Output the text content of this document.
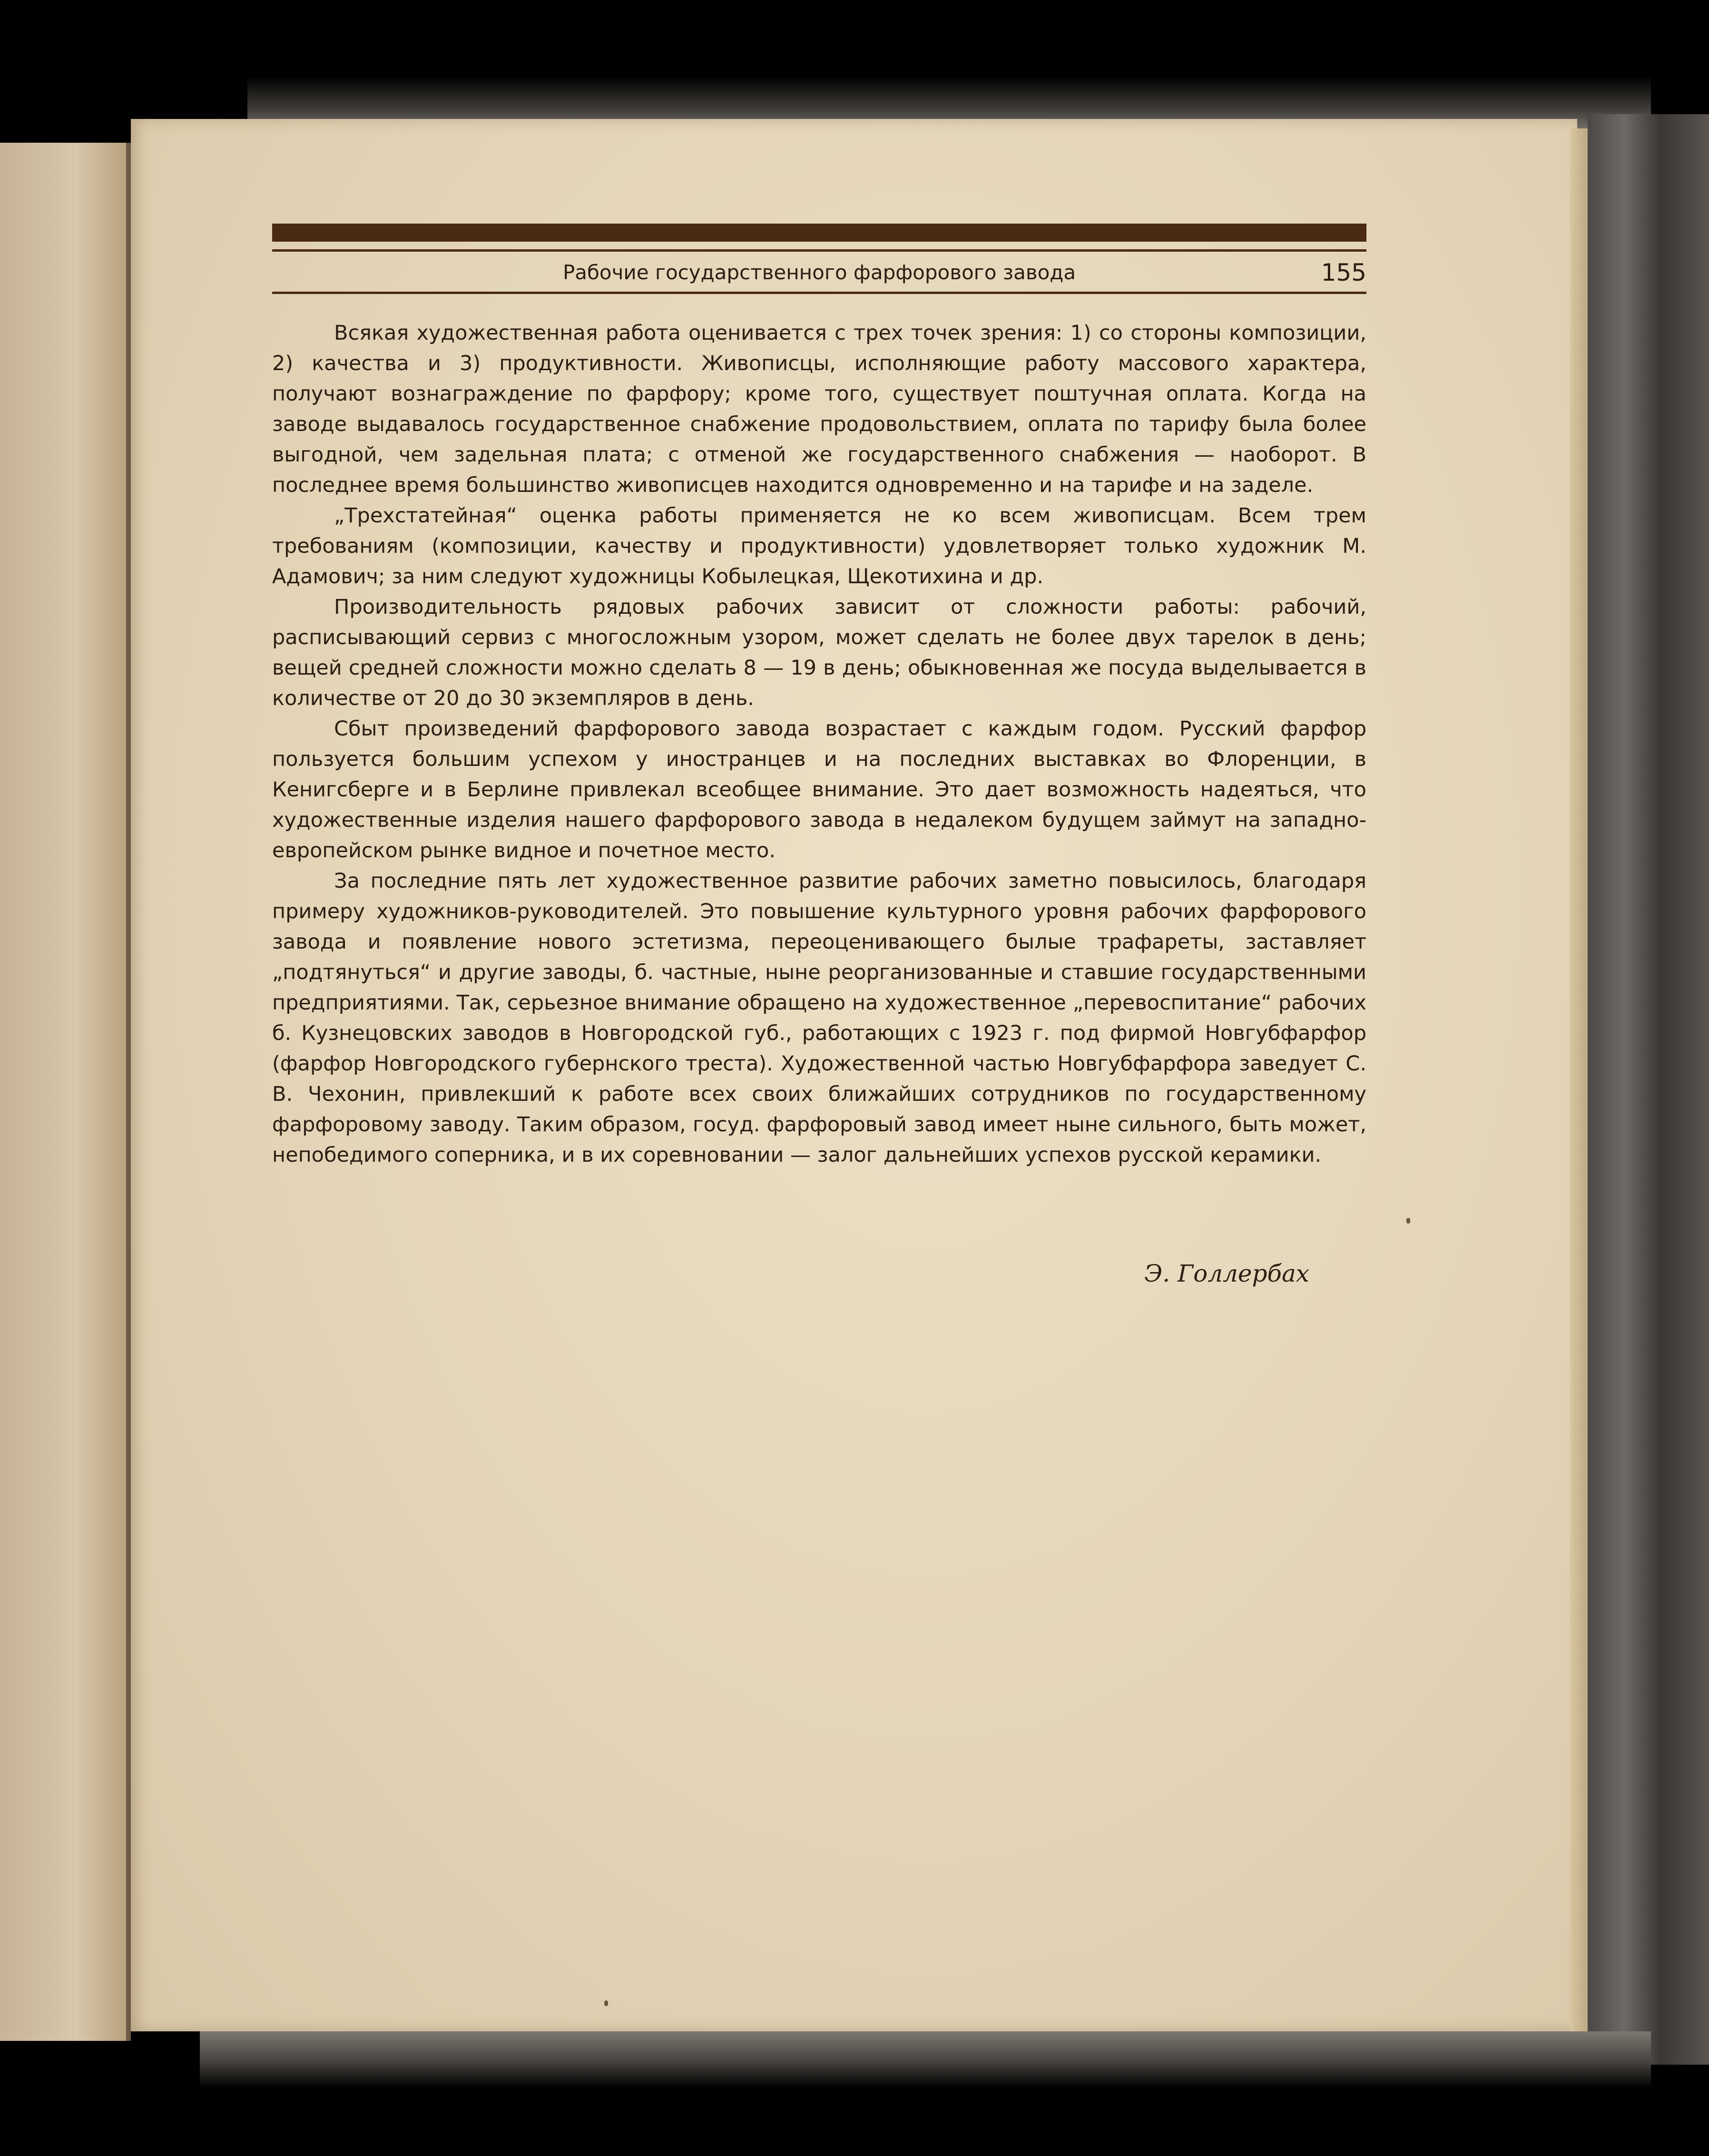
Рабочие государственного фарфорового завода	155

Всякая художественная работа оценивается с трех точек зрения: 1) со стороны композиции, 2) качества и 3) продуктивности. Живописцы, исполняющие работу массового характера, получают вознаграждение по фарфору; кроме того, существует поштучная оплата. Когда на заводе выдавалось государственное снабжение продовольствием, оплата по тарифу была более выгодной, чем задельная плата; с отменой же государственного снабжения — наоборот. В последнее время большинство живописцев находится одновременно и на тарифе и на заделе.

„Трехстатейная“ оценка работы применяется не ко всем живописцам. Всем трем требованиям (композиции, качеству и продуктивности) удовлетворяет только художник М. Адамович; за ним следуют художницы Кобылецкая, Щекотихина и др.

Производительность рядовых рабочих зависит от сложности работы: рабочий, расписывающий сервиз с многосложным узором, может сделать не более двух тарелок в день; вещей средней сложности можно сделать 8 — 19 в день; обыкновенная же посуда выделывается в количестве от 20 до 30 экземпляров в день.

Сбыт произведений фарфорового завода возрастает с каждым годом. Русский фарфор пользуется большим успехом у иностранцев и на последних выставках во Флоренции, в Кенигсберге и в Берлине привлекал всеобщее внимание. Это дает возможность надеяться, что художественные изделия нашего фарфорового завода в недалеком будущем займут на западно-европейском рынке видное и почетное место.

За последние пять лет художественное развитие рабочих заметно повысилось, благодаря примеру художников-руководителей. Это повышение культурного уровня рабочих фарфорового завода и появление нового эстетизма, переоценивающего былые трафареты, заставляет „подтянуться“ и другие заводы, б. частные, ныне реорганизованные и ставшие государственными предприятиями. Так, серьезное внимание обращено на художественное „перевоспитание“ рабочих б. Кузнецовских заводов в Новгородской губ., работающих с 1923 г. под фирмой Новгубфарфор (фарфор Новгородского губернского треста). Художественной частью Новгубфарфора заведует С. В. Чехонин, привлекший к работе всех своих ближайших сотрудников по государственному фарфоровому заводу. Таким образом, госуд. фарфоровый завод имеет ныне сильного, быть может, непобедимого соперника, и в их соревновании — залог дальнейших успехов русской керамики.

Э. Голлербах
